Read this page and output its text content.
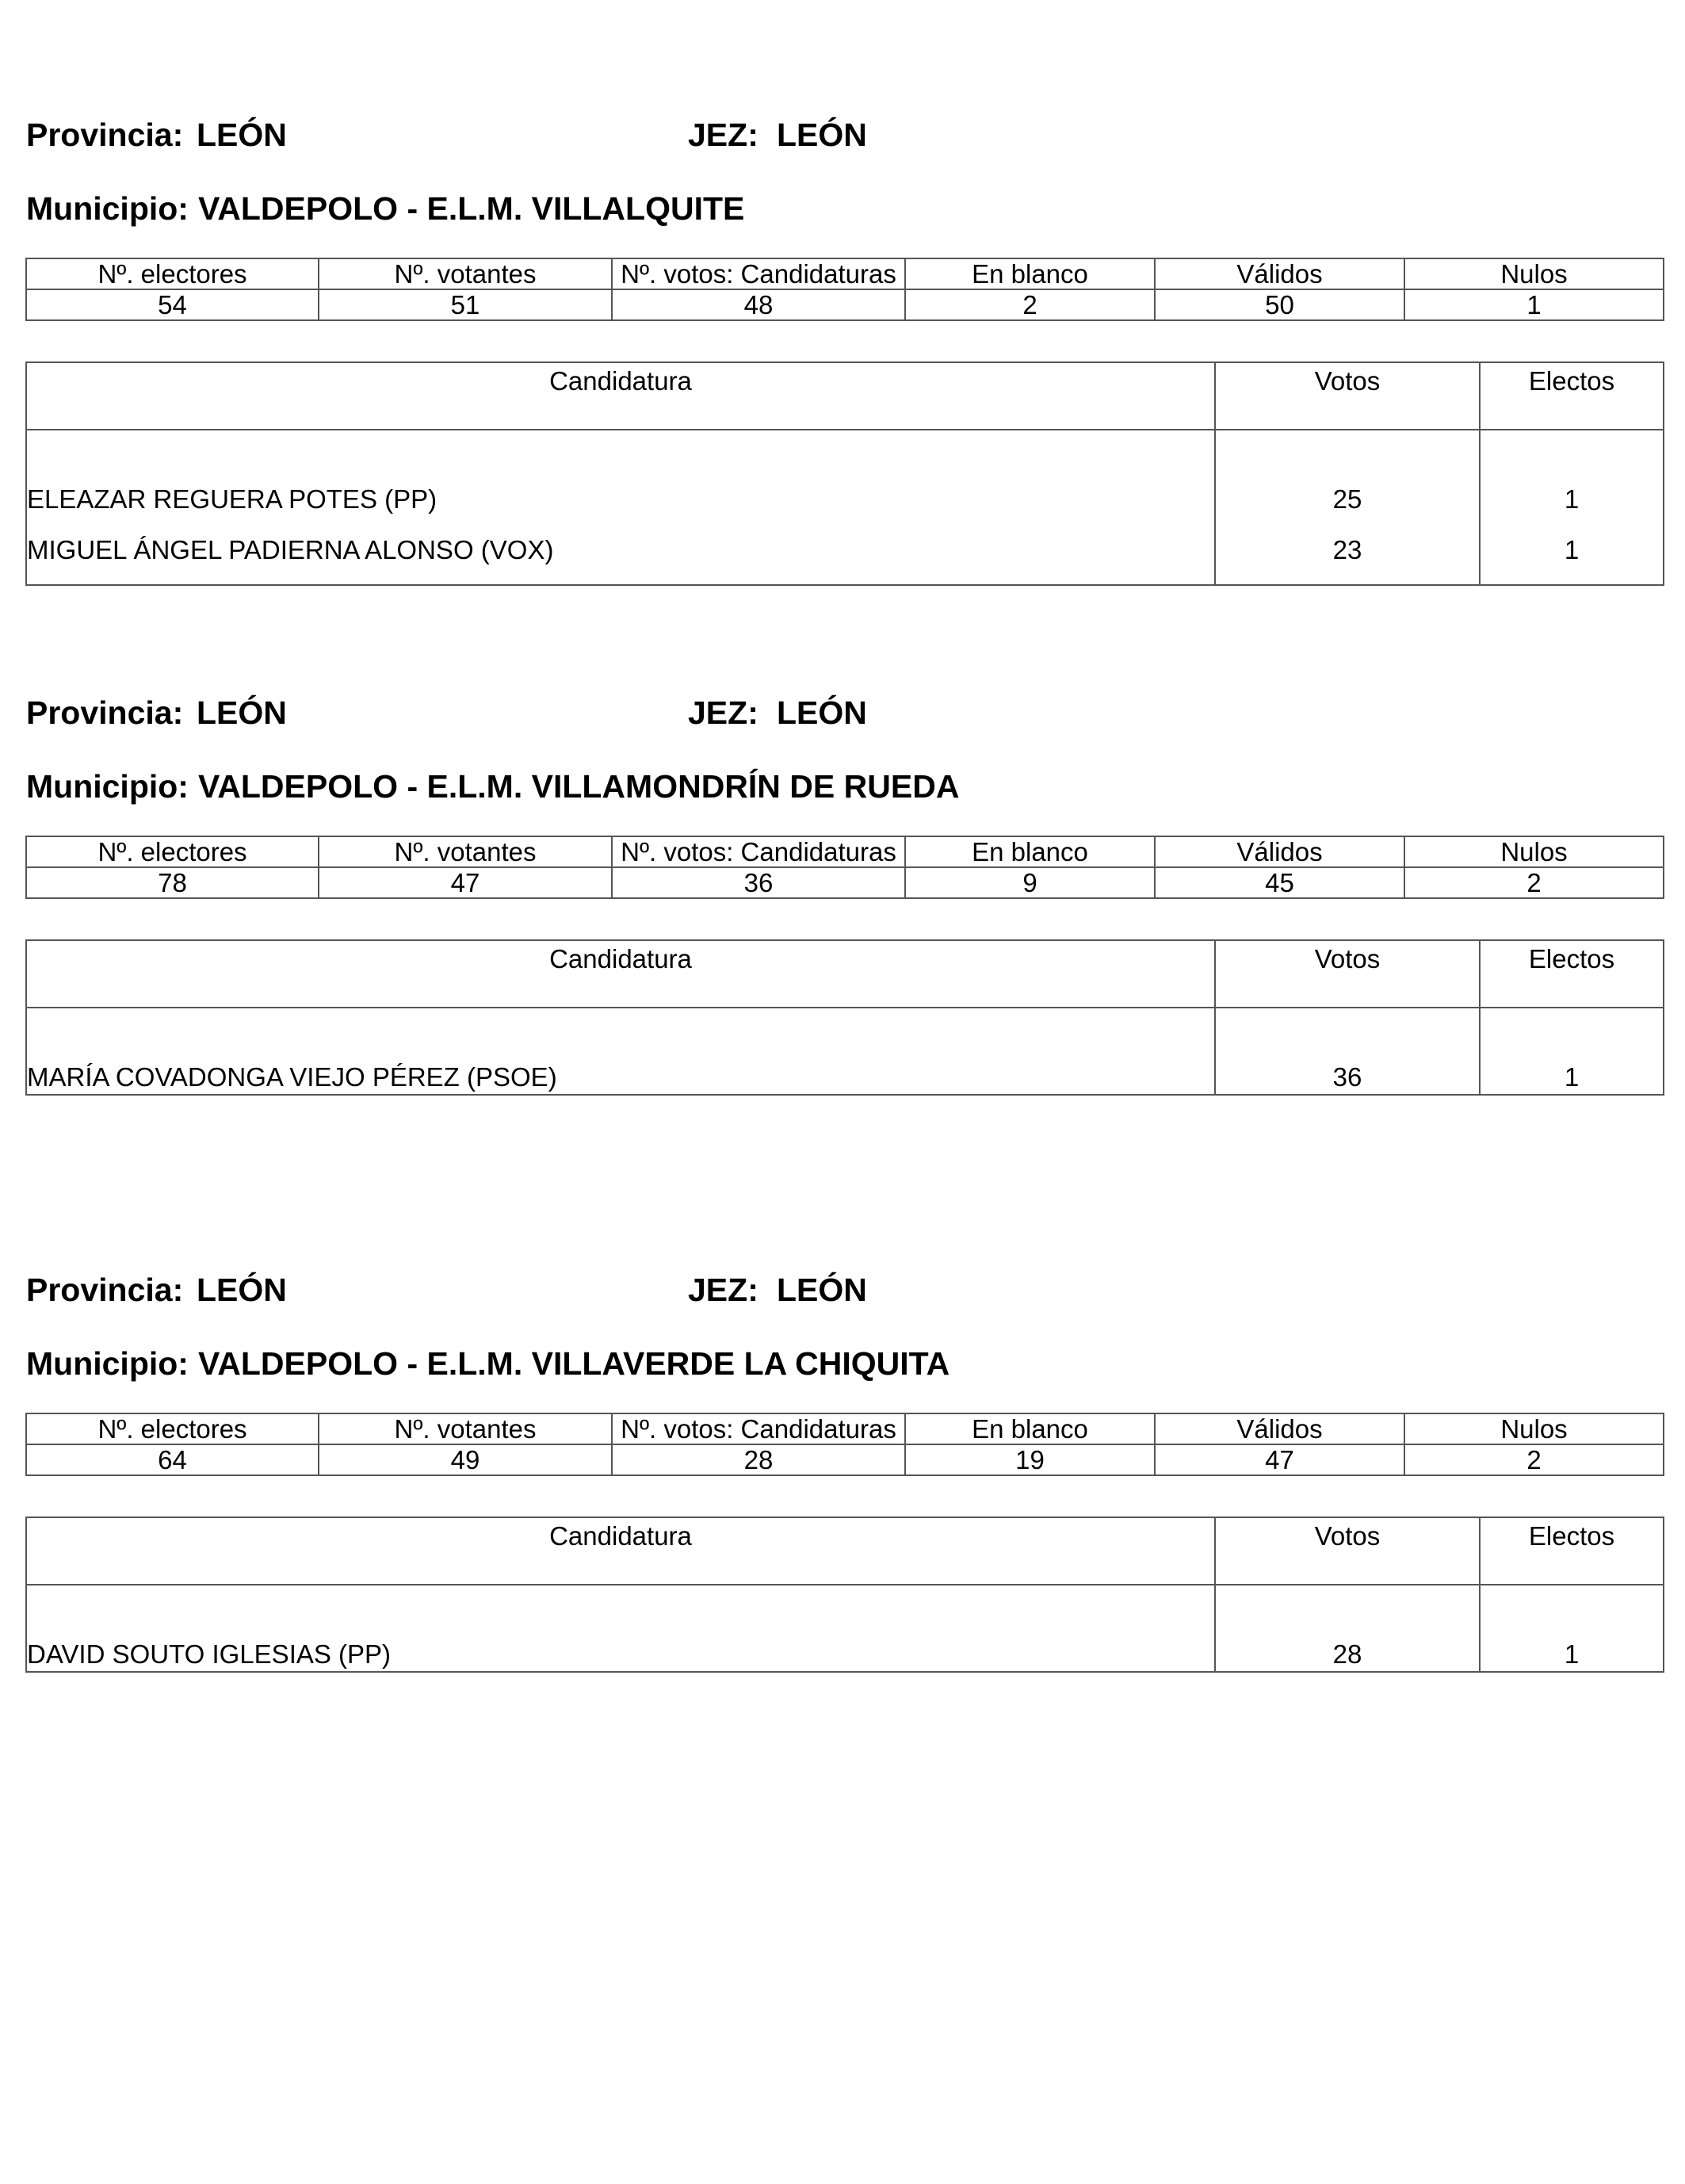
Provincia: LEÓN	JEZ: LEÓN
Municipio: VALDEPOLO - E.L.M. VILLALQUITE
Nº. electores	Nº. votantes	Nº. votos: Candidaturas	En blanco	Válidos	Nulos
54	51	48	2	50	1
Candidatura	Votos	Electos
ELEAZAR REGUERA POTES (PP)	25	1
MIGUEL ÁNGEL PADIERNA ALONSO (VOX)	23	1
Provincia: LEÓN	JEZ: LEÓN
Municipio: VALDEPOLO - E.L.M. VILLAMONDRÍN DE RUEDA
Nº. electores	Nº. votantes	Nº. votos: Candidaturas	En blanco	Válidos	Nulos
78	47	36	9	45	2
Candidatura	Votos	Electos
MARÍA COVADONGA VIEJO PÉREZ (PSOE)	36	1
Provincia: LEÓN	JEZ: LEÓN
Municipio: VALDEPOLO - E.L.M. VILLAVERDE LA CHIQUITA
Nº. electores	Nº. votantes	Nº. votos: Candidaturas	En blanco	Válidos	Nulos
64	49	28	19	47	2
Candidatura	Votos	Electos
DAVID SOUTO IGLESIAS (PP)	28	1
